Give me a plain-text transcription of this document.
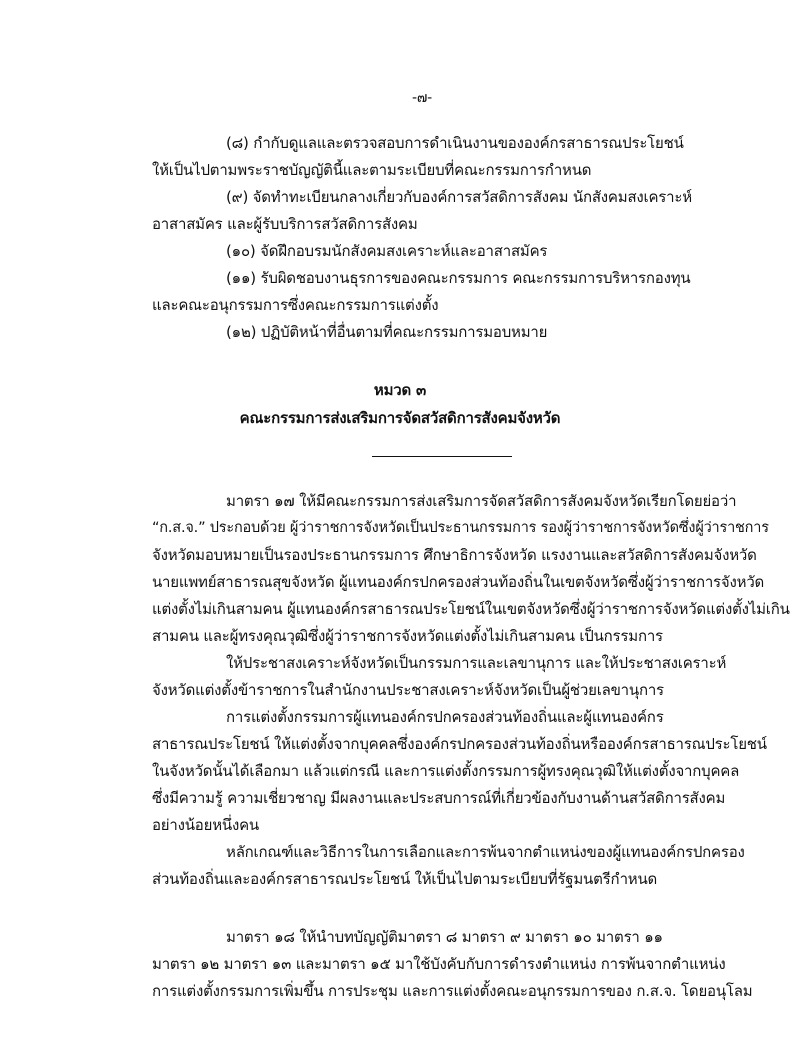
-๗-
(๘) กำกับดูแลและตรวจสอบการดำเนินงานขององค์กรสาธารณประโยชน์
ให้เป็นไปตามพระราชบัญญัตินี้และตามระเบียบที่คณะกรรมการกำหนด
(๙) จัดทำทะเบียนกลางเกี่ยวกับองค์การสวัสดิการสังคม นักสังคมสงเคราะห์
อาสาสมัคร และผู้รับบริการสวัสดิการสังคม
(๑๐) จัดฝึกอบรมนักสังคมสงเคราะห์และอาสาสมัคร
(๑๑) รับผิดชอบงานธุรการของคณะกรรมการ คณะกรรมการบริหารกองทุน
และคณะอนุกรรมการซึ่งคณะกรรมการแต่งตั้ง
(๑๒) ปฏิบัติหน้าที่อื่นตามที่คณะกรรมการมอบหมาย
หมวด ๓
คณะกรรมการส่งเสริมการจัดสวัสดิการสังคมจังหวัด
มาตรา ๑๗ ให้มีคณะกรรมการส่งเสริมการจัดสวัสดิการสังคมจังหวัดเรียกโดยย่อว่า
“ก.ส.จ.” ประกอบด้วย ผู้ว่าราชการจังหวัดเป็นประธานกรรมการ รองผู้ว่าราชการจังหวัดซึ่งผู้ว่าราชการ
จังหวัดมอบหมายเป็นรองประธานกรรมการ ศึกษาธิการจังหวัด แรงงานและสวัสดิการสังคมจังหวัด
นายแพทย์สาธารณสุขจังหวัด ผู้แทนองค์กรปกครองส่วนท้องถิ่นในเขตจังหวัดซึ่งผู้ว่าราชการจังหวัด
แต่งตั้งไม่เกินสามคน ผู้แทนองค์กรสาธารณประโยชน์ในเขตจังหวัดซึ่งผู้ว่าราชการจังหวัดแต่งตั้งไม่เกิน
สามคน และผู้ทรงคุณวุฒิซึ่งผู้ว่าราชการจังหวัดแต่งตั้งไม่เกินสามคน เป็นกรรมการ
ให้ประชาสงเคราะห์จังหวัดเป็นกรรมการและเลขานุการ และให้ประชาสงเคราะห์
จังหวัดแต่งตั้งข้าราชการในสำนักงานประชาสงเคราะห์จังหวัดเป็นผู้ช่วยเลขานุการ
การแต่งตั้งกรรมการผู้แทนองค์กรปกครองส่วนท้องถิ่นและผู้แทนองค์กร
สาธารณประโยชน์ ให้แต่งตั้งจากบุคคลซึ่งองค์กรปกครองส่วนท้องถิ่นหรือองค์กรสาธารณประโยชน์
ในจังหวัดนั้นได้เลือกมา แล้วแต่กรณี และการแต่งตั้งกรรมการผู้ทรงคุณวุฒิให้แต่งตั้งจากบุคคล
ซึ่งมีความรู้ ความเชี่ยวชาญ มีผลงานและประสบการณ์ที่เกี่ยวข้องกับงานด้านสวัสดิการสังคม
อย่างน้อยหนึ่งคน
หลักเกณฑ์และวิธีการในการเลือกและการพ้นจากตำแหน่งของผู้แทนองค์กรปกครอง
ส่วนท้องถิ่นและองค์กรสาธารณประโยชน์ ให้เป็นไปตามระเบียบที่รัฐมนตรีกำหนด
มาตรา ๑๘ ให้นำบทบัญญัติมาตรา ๘ มาตรา ๙ มาตรา ๑๐ มาตรา ๑๑
มาตรา ๑๒ มาตรา ๑๓ และมาตรา ๑๕ มาใช้บังคับกับการดำรงตำแหน่ง การพ้นจากตำแหน่ง
การแต่งตั้งกรรมการเพิ่มขึ้น การประชุม และการแต่งตั้งคณะอนุกรรมการของ ก.ส.จ. โดยอนุโลม
